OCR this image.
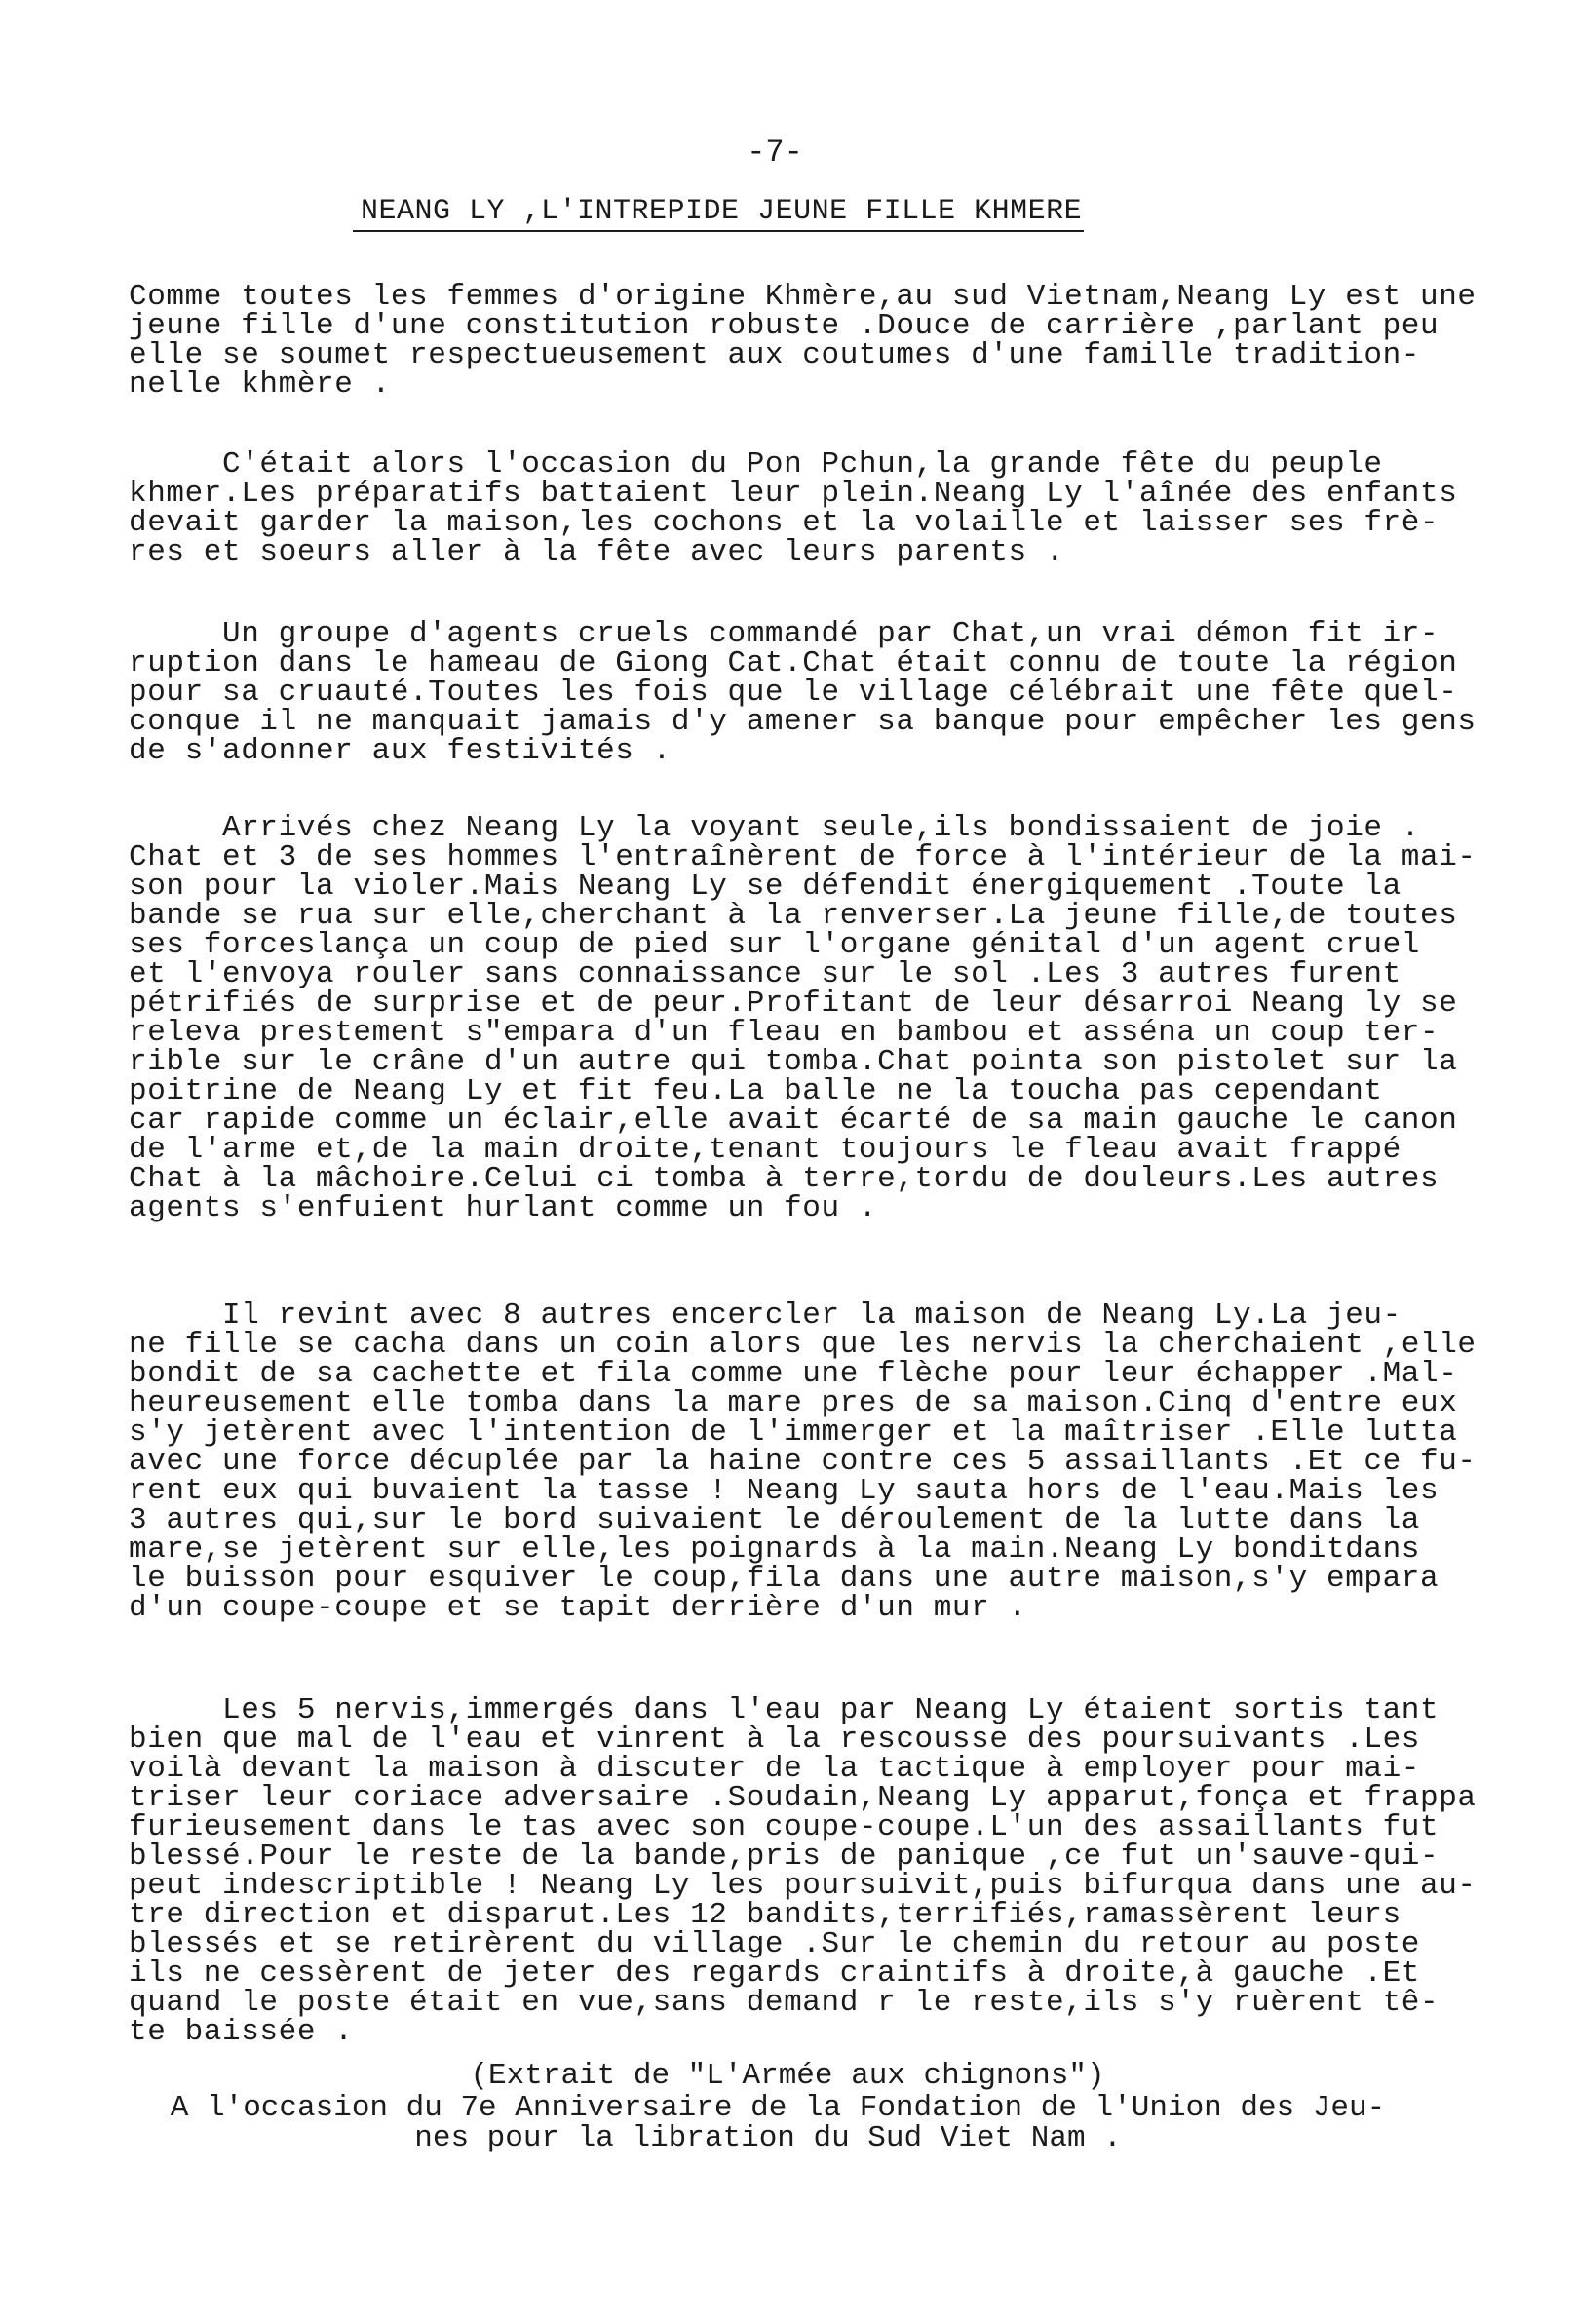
-7-
NEANG LY ,L'INTREPIDE JEUNE FILLE KHMERE

Comme toutes les femmes d'origine Khmère,au sud Vietnam,Neang Ly est une
jeune fille d'une constitution robuste .Douce de carrière ,parlant peu
elle se soumet respectueusement aux coutumes d'une famille tradition-
nelle khmère .

C'était alors l'occasion du Pon Pchun,la grande fête du peuple
khmer.Les préparatifs battaient leur plein.Neang Ly l'aînée des enfants
devait garder la maison,les cochons et la volaille et laisser ses frè-
res et soeurs aller à la fête avec leurs parents .

Un groupe d'agents cruels commandé par Chat,un vrai démon fit ir-
ruption dans le hameau de Giong Cat.Chat était connu de toute la région
pour sa cruauté.Toutes les fois que le village célébrait une fête quel-
conque il ne manquait jamais d'y amener sa banque pour empêcher les gens
de s'adonner aux festivités .

Arrivés chez Neang Ly la voyant seule,ils bondissaient de joie .
Chat et 3 de ses hommes l'entraînèrent de force à l'intérieur de la mai-
son pour la violer.Mais Neang Ly se défendit énergiquement .Toute la
bande se rua sur elle,cherchant à la renverser.La jeune fille,de toutes
ses forceslança un coup de pied sur l'organe génital d'un agent cruel
et l'envoya rouler sans connaissance sur le sol .Les 3 autres furent
pétrifiés de surprise et de peur.Profitant de leur désarroi Neang ly se
releva prestement s"empara d'un fleau en bambou et asséna un coup ter-
rible sur le crâne d'un autre qui tomba.Chat pointa son pistolet sur la
poitrine de Neang Ly et fit feu.La balle ne la toucha pas cependant
car rapide comme un éclair,elle avait écarté de sa main gauche le canon
de l'arme et,de la main droite,tenant toujours le fleau avait frappé
Chat à la mâchoire.Celui ci tomba à terre,tordu de douleurs.Les autres
agents s'enfuient hurlant comme un fou .

Il revint avec 8 autres encercler la maison de Neang Ly.La jeu-
ne fille se cacha dans un coin alors que les nervis la cherchaient ,elle
bondit de sa cachette et fila comme une flèche pour leur échapper .Mal-
heureusement elle tomba dans la mare pres de sa maison.Cinq d'entre eux
s'y jetèrent avec l'intention de l'immerger et la maîtriser .Elle lutta
avec une force décuplée par la haine contre ces 5 assaillants .Et ce fu-
rent eux qui buvaient la tasse ! Neang Ly sauta hors de l'eau.Mais les
3 autres qui,sur le bord suivaient le déroulement de la lutte dans la
mare,se jetèrent sur elle,les poignards à la main.Neang Ly bonditdans
le buisson pour esquiver le coup,fila dans une autre maison,s'y empara
d'un coupe-coupe et se tapit derrière d'un mur .

Les 5 nervis,immergés dans l'eau par Neang Ly étaient sortis tant
bien que mal de l'eau et vinrent à la rescousse des poursuivants .Les
voilà devant la maison à discuter de la tactique à employer pour mai-
triser leur coriace adversaire .Soudain,Neang Ly apparut,fonça et frappa
furieusement dans le tas avec son coupe-coupe.L'un des assaillants fut
blessé.Pour le reste de la bande,pris de panique ,ce fut un'sauve-qui-
peut indescriptible ! Neang Ly les poursuivit,puis bifurqua dans une au-
tre direction et disparut.Les 12 bandits,terrifiés,ramassèrent leurs
blessés et se retirèrent du village .Sur le chemin du retour au poste
ils ne cessèrent de jeter des regards craintifs à droite,à gauche .Et
quand le poste était en vue,sans demand r le reste,ils s'y ruèrent tê-
te baissée .

(Extrait de "L'Armée aux chignons")
A l'occasion du 7e Anniversaire de la Fondation de l'Union des Jeu-
nes pour la libration du Sud Viet Nam .
